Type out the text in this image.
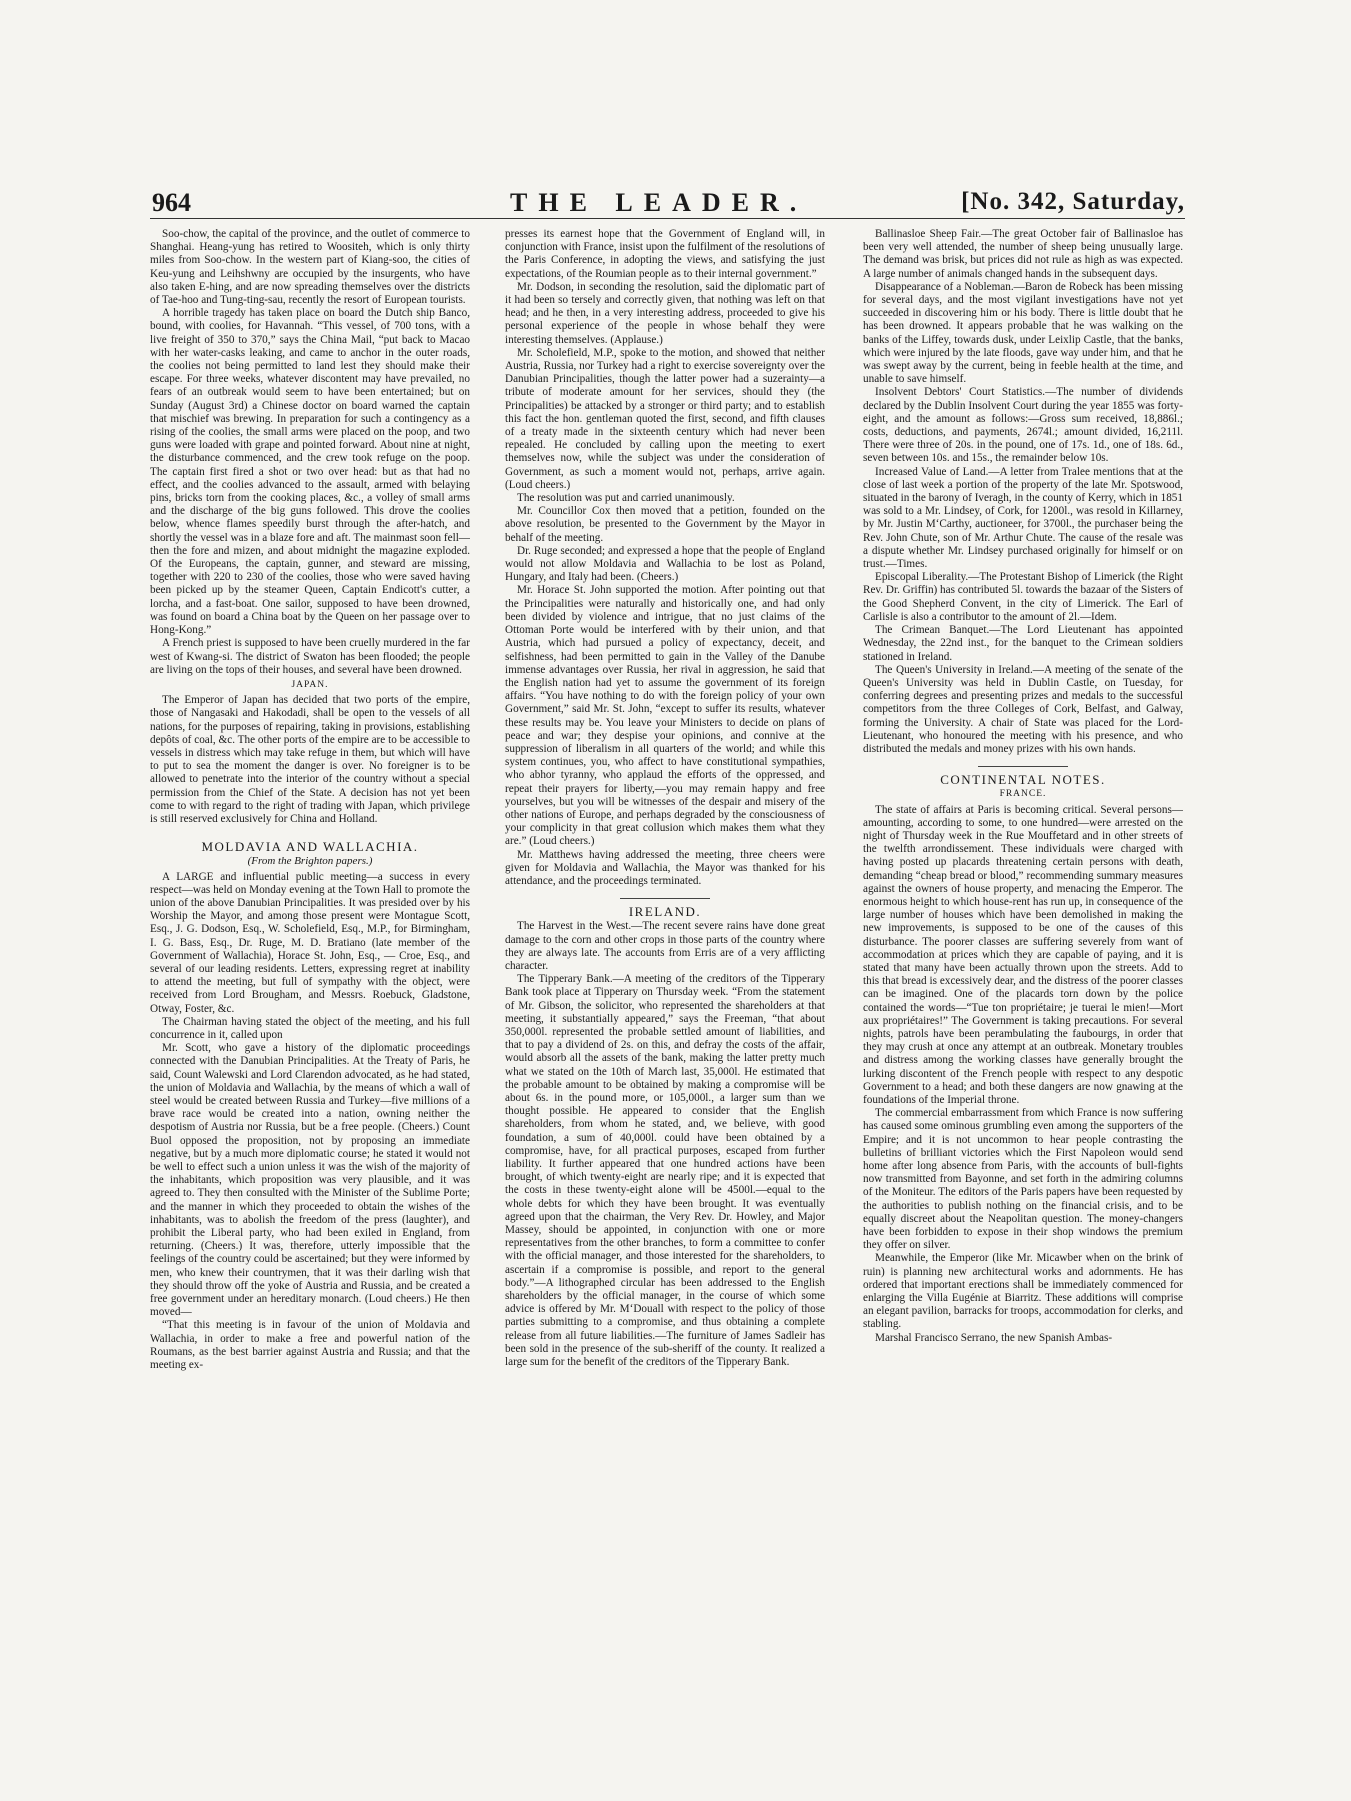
964	THE LEADER.	[No. 342, Saturday,

Soo-chow, the capital of the province, and the outlet of commerce to Shanghai. Heang-yung has retired to Woositeh, which is only thirty miles from Soo-chow. In the western part of Kiang-soo, the cities of Keu-yung and Leihshwny are occupied by the insurgents, who have also taken E-hing, and are now spreading themselves over the districts of Tae-hoo and Tung-ting-sau, recently the resort of European tourists.

A horrible tragedy has taken place on board the Dutch ship Banco, bound, with coolies, for Havannah. “This vessel, of 700 tons, with a live freight of 350 to 370,” says the China Mail, “put back to Macao with her water-casks leaking, and came to anchor in the outer roads, the coolies not being permitted to land lest they should make their escape. For three weeks, whatever discontent may have prevailed, no fears of an outbreak would seem to have been entertained; but on Sunday (August 3rd) a Chinese doctor on board warned the captain that mischief was brewing. In preparation for such a contingency as a rising of the coolies, the small arms were placed on the poop, and two guns were loaded with grape and pointed forward. About nine at night, the disturbance commenced, and the crew took refuge on the poop. The captain first fired a shot or two over head: but as that had no effect, and the coolies advanced to the assault, armed with belaying pins, bricks torn from the cooking places, &c., a volley of small arms and the discharge of the big guns followed. This drove the coolies below, whence flames speedily burst through the after-hatch, and shortly the vessel was in a blaze fore and aft. The mainmast soon fell—then the fore and mizen, and about midnight the magazine exploded. Of the Europeans, the captain, gunner, and steward are missing, together with 220 to 230 of the coolies, those who were saved having been picked up by the steamer Queen, Captain Endicott's cutter, a lorcha, and a fast-boat. One sailor, supposed to have been drowned, was found on board a China boat by the Queen on her passage over to Hong-Kong.”

A French priest is supposed to have been cruelly murdered in the far west of Kwang-si. The district of Swaton has been flooded; the people are living on the tops of their houses, and several have been drowned.

JAPAN.

The Emperor of Japan has decided that two ports of the empire, those of Nangasaki and Hakodadi, shall be open to the vessels of all nations, for the purposes of repairing, taking in provisions, establishing depôts of coal, &c. The other ports of the empire are to be accessible to vessels in distress which may take refuge in them, but which will have to put to sea the moment the danger is over. No foreigner is to be allowed to penetrate into the interior of the country without a special permission from the Chief of the State. A decision has not yet been come to with regard to the right of trading with Japan, which privilege is still reserved exclusively for China and Holland.

MOLDAVIA AND WALLACHIA.
(From the Brighton papers.)

A LARGE and influential public meeting—a success in every respect—was held on Monday evening at the Town Hall to promote the union of the above Danubian Principalities. It was presided over by his Worship the Mayor, and among those present were Montague Scott, Esq., J. G. Dodson, Esq., W. Scholefield, Esq., M.P., for Birmingham, I. G. Bass, Esq., Dr. Ruge, M. D. Bratiano (late member of the Government of Wallachia), Horace St. John, Esq., — Croe, Esq., and several of our leading residents. Letters, expressing regret at inability to attend the meeting, but full of sympathy with the object, were received from Lord Brougham, and Messrs. Roebuck, Gladstone, Otway, Foster, &c.

The Chairman having stated the object of the meeting, and his full concurrence in it, called upon

Mr. Scott, who gave a history of the diplomatic proceedings connected with the Danubian Principalities. At the Treaty of Paris, he said, Count Walewski and Lord Clarendon advocated, as he had stated, the union of Moldavia and Wallachia, by the means of which a wall of steel would be created between Russia and Turkey—five millions of a brave race would be created into a nation, owning neither the despotism of Austria nor Russia, but be a free people. (Cheers.) Count Buol opposed the proposition, not by proposing an immediate negative, but by a much more diplomatic course; he stated it would not be well to effect such a union unless it was the wish of the majority of the inhabitants, which proposition was very plausible, and it was agreed to. They then consulted with the Minister of the Sublime Porte; and the manner in which they proceeded to obtain the wishes of the inhabitants, was to abolish the freedom of the press (laughter), and prohibit the Liberal party, who had been exiled in England, from returning. (Cheers.) It was, therefore, utterly impossible that the feelings of the country could be ascertained; but they were informed by men, who knew their countrymen, that it was their darling wish that they should throw off the yoke of Austria and Russia, and be created a free government under an hereditary monarch. (Loud cheers.) He then moved—

“That this meeting is in favour of the union of Moldavia and Wallachia, in order to make a free and powerful nation of the Roumans, as the best barrier against Austria and Russia; and that the meeting ex-

presses its earnest hope that the Government of England will, in conjunction with France, insist upon the fulfilment of the resolutions of the Paris Conference, in adopting the views, and satisfying the just expectations, of the Roumian people as to their internal government.”

Mr. Dodson, in seconding the resolution, said the diplomatic part of it had been so tersely and correctly given, that nothing was left on that head; and he then, in a very interesting address, proceeded to give his personal experience of the people in whose behalf they were interesting themselves. (Applause.)

Mr. Scholefield, M.P., spoke to the motion, and showed that neither Austria, Russia, nor Turkey had a right to exercise sovereignty over the Danubian Principalities, though the latter power had a suzerainty—a tribute of moderate amount for her services, should they (the Principalities) be attacked by a stronger or third party; and to establish this fact the hon. gentleman quoted the first, second, and fifth clauses of a treaty made in the sixteenth century which had never been repealed. He concluded by calling upon the meeting to exert themselves now, while the subject was under the consideration of Government, as such a moment would not, perhaps, arrive again. (Loud cheers.)

The resolution was put and carried unanimously.

Mr. Councillor Cox then moved that a petition, founded on the above resolution, be presented to the Government by the Mayor in behalf of the meeting.

Dr. Ruge seconded; and expressed a hope that the people of England would not allow Moldavia and Wallachia to be lost as Poland, Hungary, and Italy had been. (Cheers.)

Mr. Horace St. John supported the motion. After pointing out that the Principalities were naturally and historically one, and had only been divided by violence and intrigue, that no just claims of the Ottoman Porte would be interfered with by their union, and that Austria, which had pursued a policy of expectancy, deceit, and selfishness, had been permitted to gain in the Valley of the Danube immense advantages over Russia, her rival in aggression, he said that the English nation had yet to assume the government of its foreign affairs. “You have nothing to do with the foreign policy of your own Government,” said Mr. St. John, “except to suffer its results, whatever these results may be. You leave your Ministers to decide on plans of peace and war; they despise your opinions, and connive at the suppression of liberalism in all quarters of the world; and while this system continues, you, who affect to have constitutional sympathies, who abhor tyranny, who applaud the efforts of the oppressed, and repeat their prayers for liberty,—you may remain happy and free yourselves, but you will be witnesses of the despair and misery of the other nations of Europe, and perhaps degraded by the consciousness of your complicity in that great collusion which makes them what they are.” (Loud cheers.)

Mr. Matthews having addressed the meeting, three cheers were given for Moldavia and Wallachia, the Mayor was thanked for his attendance, and the proceedings terminated.

IRELAND.

The Harvest in the West.—The recent severe rains have done great damage to the corn and other crops in those parts of the country where they are always late. The accounts from Erris are of a very afflicting character.

The Tipperary Bank.—A meeting of the creditors of the Tipperary Bank took place at Tipperary on Thursday week. “From the statement of Mr. Gibson, the solicitor, who represented the shareholders at that meeting, it substantially appeared,” says the Freeman, “that about 350,000l. represented the probable settled amount of liabilities, and that to pay a dividend of 2s. on this, and defray the costs of the affair, would absorb all the assets of the bank, making the latter pretty much what we stated on the 10th of March last, 35,000l. He estimated that the probable amount to be obtained by making a compromise will be about 6s. in the pound more, or 105,000l., a larger sum than we thought possible. He appeared to consider that the English shareholders, from whom he stated, and, we believe, with good foundation, a sum of 40,000l. could have been obtained by a compromise, have, for all practical purposes, escaped from further liability. It further appeared that one hundred actions have been brought, of which twenty-eight are nearly ripe; and it is expected that the costs in these twenty-eight alone will be 4500l.—equal to the whole debts for which they have been brought. It was eventually agreed upon that the chairman, the Very Rev. Dr. Howley, and Major Massey, should be appointed, in conjunction with one or more representatives from the other branches, to form a committee to confer with the official manager, and those interested for the shareholders, to ascertain if a compromise is possible, and report to the general body.”—A lithographed circular has been addressed to the English shareholders by the official manager, in the course of which some advice is offered by Mr. M‘Douall with respect to the policy of those parties submitting to a compromise, and thus obtaining a complete release from all future liabilities.—The furniture of James Sadleir has been sold in the presence of the sub-sheriff of the county. It realized a large sum for the benefit of the creditors of the Tipperary Bank.

Ballinasloe Sheep Fair.—The great October fair of Ballinasloe has been very well attended, the number of sheep being unusually large. The demand was brisk, but prices did not rule as high as was expected. A large number of animals changed hands in the subsequent days.

Disappearance of a Nobleman.—Baron de Robeck has been missing for several days, and the most vigilant investigations have not yet succeeded in discovering him or his body. There is little doubt that he has been drowned. It appears probable that he was walking on the banks of the Liffey, towards dusk, under Leixlip Castle, that the banks, which were injured by the late floods, gave way under him, and that he was swept away by the current, being in feeble health at the time, and unable to save himself.

Insolvent Debtors' Court Statistics.—The number of dividends declared by the Dublin Insolvent Court during the year 1855 was forty-eight, and the amount as follows:—Gross sum received, 18,886l.; costs, deductions, and payments, 2674l.; amount divided, 16,211l. There were three of 20s. in the pound, one of 17s. 1d., one of 18s. 6d., seven between 10s. and 15s., the remainder below 10s.

Increased Value of Land.—A letter from Tralee mentions that at the close of last week a portion of the property of the late Mr. Spotswood, situated in the barony of Iveragh, in the county of Kerry, which in 1851 was sold to a Mr. Lindsey, of Cork, for 1200l., was resold in Killarney, by Mr. Justin M‘Carthy, auctioneer, for 3700l., the purchaser being the Rev. John Chute, son of Mr. Arthur Chute. The cause of the resale was a dispute whether Mr. Lindsey purchased originally for himself or on trust.—Times.

Episcopal Liberality.—The Protestant Bishop of Limerick (the Right Rev. Dr. Griffin) has contributed 5l. towards the bazaar of the Sisters of the Good Shepherd Convent, in the city of Limerick. The Earl of Carlisle is also a contributor to the amount of 2l.—Idem.

The Crimean Banquet.—The Lord Lieutenant has appointed Wednesday, the 22nd inst., for the banquet to the Crimean soldiers stationed in Ireland.

The Queen's University in Ireland.—A meeting of the senate of the Queen's University was held in Dublin Castle, on Tuesday, for conferring degrees and presenting prizes and medals to the successful competitors from the three Colleges of Cork, Belfast, and Galway, forming the University. A chair of State was placed for the Lord-Lieutenant, who honoured the meeting with his presence, and who distributed the medals and money prizes with his own hands.

CONTINENTAL NOTES.
FRANCE.

The state of affairs at Paris is becoming critical. Several persons—amounting, according to some, to one hundred—were arrested on the night of Thursday week in the Rue Mouffetard and in other streets of the twelfth arrondissement. These individuals were charged with having posted up placards threatening certain persons with death, demanding “cheap bread or blood,” recommending summary measures against the owners of house property, and menacing the Emperor. The enormous height to which house-rent has run up, in consequence of the large number of houses which have been demolished in making the new improvements, is supposed to be one of the causes of this disturbance. The poorer classes are suffering severely from want of accommodation at prices which they are capable of paying, and it is stated that many have been actually thrown upon the streets. Add to this that bread is excessively dear, and the distress of the poorer classes can be imagined. One of the placards torn down by the police contained the words—“Tue ton propriétaire; je tuerai le mien!—Mort aux propriétaires!” The Government is taking precautions. For several nights, patrols have been perambulating the faubourgs, in order that they may crush at once any attempt at an outbreak. Monetary troubles and distress among the working classes have generally brought the lurking discontent of the French people with respect to any despotic Government to a head; and both these dangers are now gnawing at the foundations of the Imperial throne.

The commercial embarrassment from which France is now suffering has caused some ominous grumbling even among the supporters of the Empire; and it is not uncommon to hear people contrasting the bulletins of brilliant victories which the First Napoleon would send home after long absence from Paris, with the accounts of bull-fights now transmitted from Bayonne, and set forth in the admiring columns of the Moniteur. The editors of the Paris papers have been requested by the authorities to publish nothing on the financial crisis, and to be equally discreet about the Neapolitan question. The money-changers have been forbidden to expose in their shop windows the premium they offer on silver.

Meanwhile, the Emperor (like Mr. Micawber when on the brink of ruin) is planning new architectural works and adornments. He has ordered that important erections shall be immediately commenced for enlarging the Villa Eugénie at Biarritz. These additions will comprise an elegant pavilion, barracks for troops, accommodation for clerks, and stabling.

Marshal Francisco Serrano, the new Spanish Ambas-
